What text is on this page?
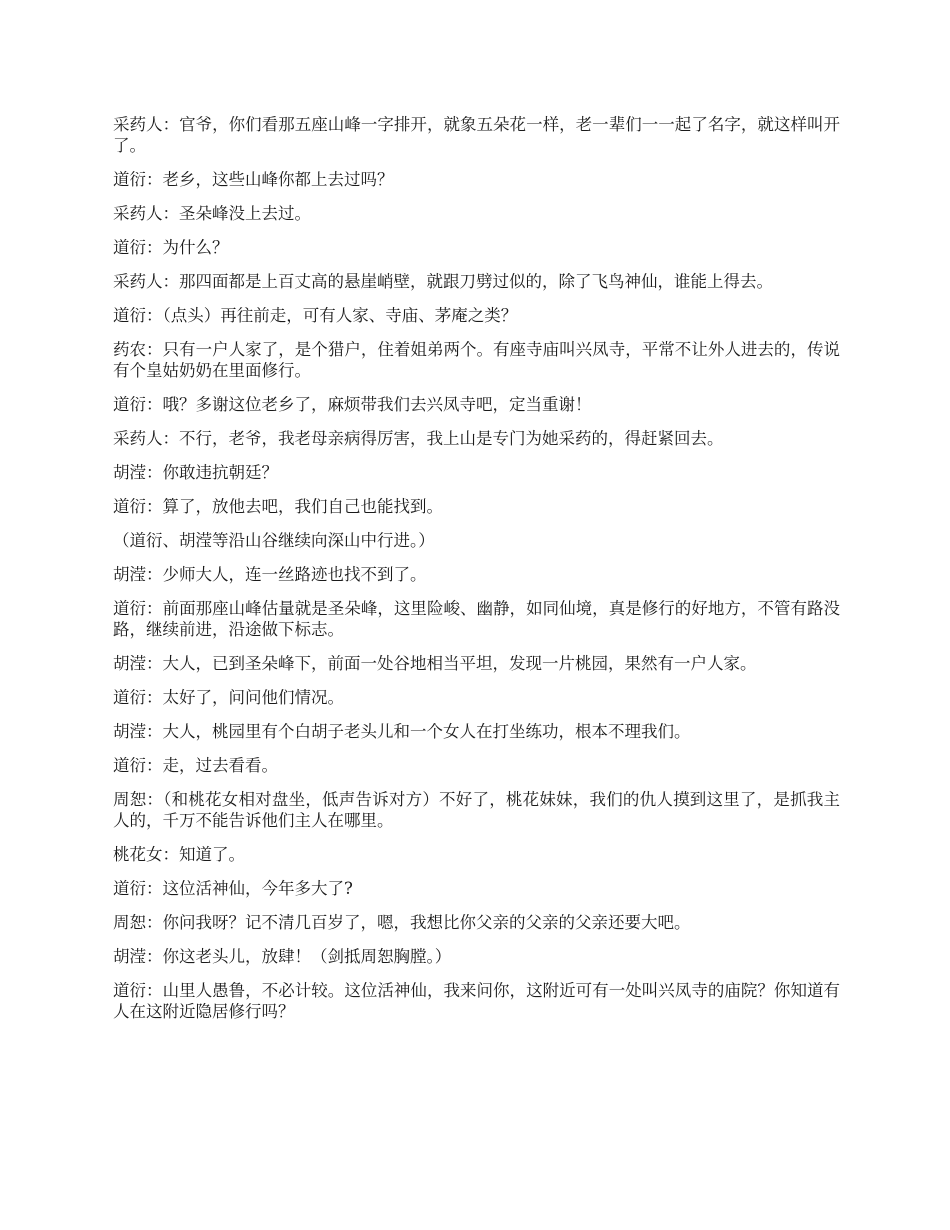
采药人：官爷，你们看那五座山峰一字排开，就象五朵花一样，老一辈们一一起了名字，就这样叫开了。

道衍：老乡，这些山峰你都上去过吗？

采药人：圣朵峰没上去过。

道衍：为什么？

采药人：那四面都是上百丈高的悬崖峭壁，就跟刀劈过似的，除了飞鸟神仙，谁能上得去。

道衍：（点头）再往前走，可有人家、寺庙、茅庵之类？

药农：只有一户人家了，是个猎户，住着姐弟两个。有座寺庙叫兴凤寺，平常不让外人进去的，传说有个皇姑奶奶在里面修行。

道衍：哦？多谢这位老乡了，麻烦带我们去兴凤寺吧，定当重谢！

采药人：不行，老爷，我老母亲病得厉害，我上山是专门为她采药的，得赶紧回去。

胡滢：你敢违抗朝廷？

道衍：算了，放他去吧，我们自己也能找到。

（道衍、胡滢等沿山谷继续向深山中行进。）

胡滢：少师大人，连一丝路迹也找不到了。

道衍：前面那座山峰估量就是圣朵峰，这里险峻、幽静，如同仙境，真是修行的好地方，不管有路没路，继续前进，沿途做下标志。

胡滢：大人，已到圣朵峰下，前面一处谷地相当平坦，发现一片桃园，果然有一户人家。

道衍：太好了，问问他们情况。

胡滢：大人，桃园里有个白胡子老头儿和一个女人在打坐练功，根本不理我们。

道衍：走，过去看看。

周恕：（和桃花女相对盘坐，低声告诉对方）不好了，桃花妹妹，我们的仇人摸到这里了，是抓我主人的，千万不能告诉他们主人在哪里。

桃花女：知道了。

道衍：这位活神仙，今年多大了?

周恕：你问我呀？记不清几百岁了，嗯，我想比你父亲的父亲的父亲还要大吧。

胡滢：你这老头儿，放肆！（剑抵周恕胸膛。）

道衍：山里人愚鲁，不必计较。这位活神仙，我来问你，这附近可有一处叫兴凤寺的庙院？你知道有人在这附近隐居修行吗？
